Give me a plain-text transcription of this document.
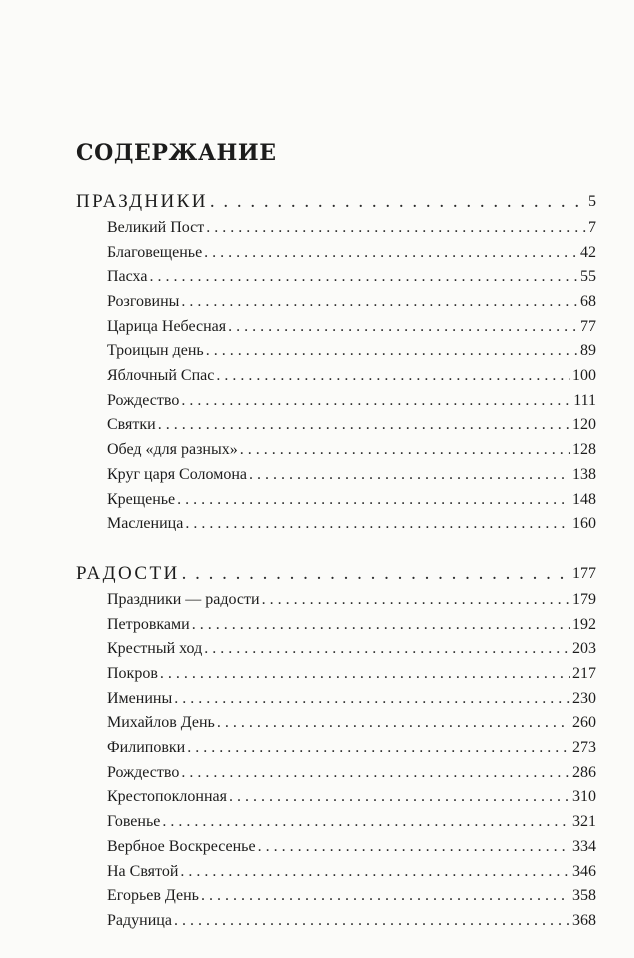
СОДЕРЖАНИЕ
ПРАЗДНИКИ . . .	5
Великий Пост . . .	7
Благовещенье . . .	42
Пасха . . .	55
Розговины . . .	68
Царица Небесная . . .	77
Троицын день . . .	89
Яблочный Спас . . .	100
Рождество . . .	111
Святки . . .	120
Обед «для разных» . . .	128
Круг царя Соломона . . .	138
Крещенье . . .	148
Масленица . . .	160
РАДОСТИ . . .	177
Праздники — радости . . .	179
Петровками . . .	192
Крестный ход . . .	203
Покров . . .	217
Именины . . .	230
Михайлов День . . .	260
Филиповки . . .	273
Рождество . . .	286
Крестопоклонная . . .	310
Говенье . . .	321
Вербное Воскресенье . . .	334
На Святой . . .	346
Егорьев День . . .	358
Радуница . . .	368
